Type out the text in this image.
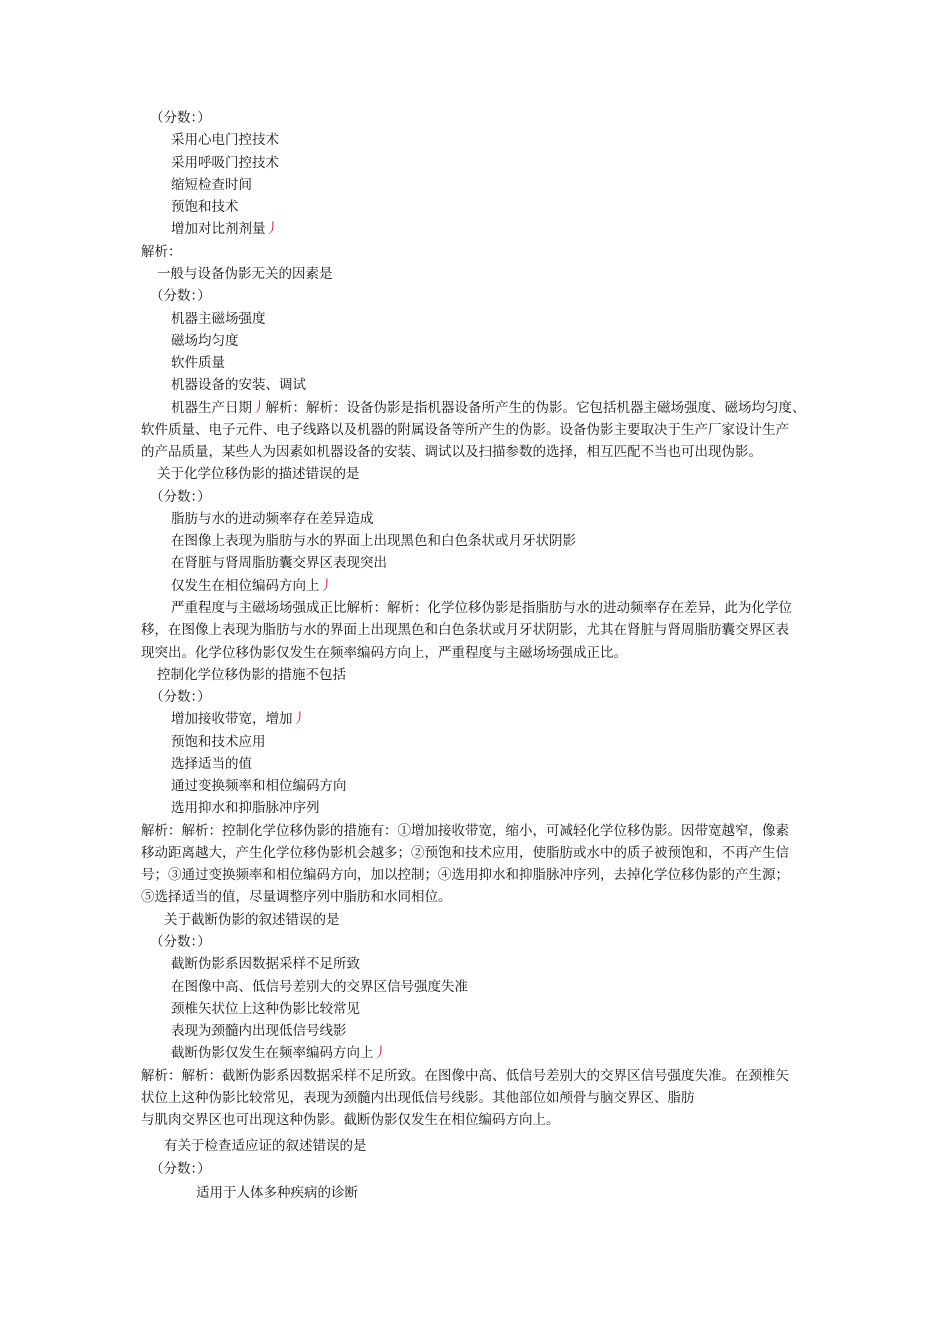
（分数：）
采用心电门控技术
采用呼吸门控技术
缩短检查时间
预饱和技术
增加对比剂剂量丿
解析：
一般与设备伪影无关的因素是
（分数：）
机器主磁场强度
磁场均匀度
软件质量
机器设备的安装、调试
机器生产日期丿解析：解析：设备伪影是指机器设备所产生的伪影。它包括机器主磁场强度、磁场均匀度、
软件质量、电子元件、电子线路以及机器的附属设备等所产生的伪影。设备伪影主要取决于生产厂家设计生产
的产品质量，某些人为因素如机器设备的安装、调试以及扫描参数的选择，相互匹配不当也可出现伪影。
关于化学位移伪影的描述错误的是
（分数：）
脂肪与水的进动频率存在差异造成
在图像上表现为脂肪与水的界面上出现黑色和白色条状或月牙状阴影
在肾脏与肾周脂肪囊交界区表现突出
仅发生在相位编码方向上丿
严重程度与主磁场场强成正比解析：解析：化学位移伪影是指脂肪与水的进动频率存在差异，此为化学位
移，在图像上表现为脂肪与水的界面上出现黑色和白色条状或月牙状阴影，尤其在肾脏与肾周脂肪囊交界区表
现突出。化学位移伪影仅发生在频率编码方向上，严重程度与主磁场场强成正比。
控制化学位移伪影的措施不包括
（分数：）
增加接收带宽，增加丿
预饱和技术应用
选择适当的值
通过变换频率和相位编码方向
选用抑水和抑脂脉冲序列
解析：解析：控制化学位移伪影的措施有：①增加接收带宽，缩小，可减轻化学位移伪影。因带宽越窄，像素
移动距离越大，产生化学位移伪影机会越多；②预饱和技术应用，使脂肪或水中的质子被预饱和，不再产生信
号；③通过变换频率和相位编码方向，加以控制；④选用抑水和抑脂脉冲序列，去掉化学位移伪影的产生源；
⑤选择适当的值，尽量调整序列中脂肪和水同相位。
关于截断伪影的叙述错误的是
（分数：）
截断伪影系因数据采样不足所致
在图像中高、低信号差别大的交界区信号强度失准
颈椎矢状位上这种伪影比较常见
表现为颈髓内出现低信号线影
截断伪影仅发生在频率编码方向上丿
解析：解析：截断伪影系因数据采样不足所致。在图像中高、低信号差别大的交界区信号强度失准。在颈椎矢
状位上这种伪影比较常见，表现为颈髓内出现低信号线影。其他部位如颅骨与脑交界区、脂肪
与肌肉交界区也可出现这种伪影。截断伪影仅发生在相位编码方向上。
有关于检查适应证的叙述错误的是
（分数：）
适用于人体多种疾病的诊断
